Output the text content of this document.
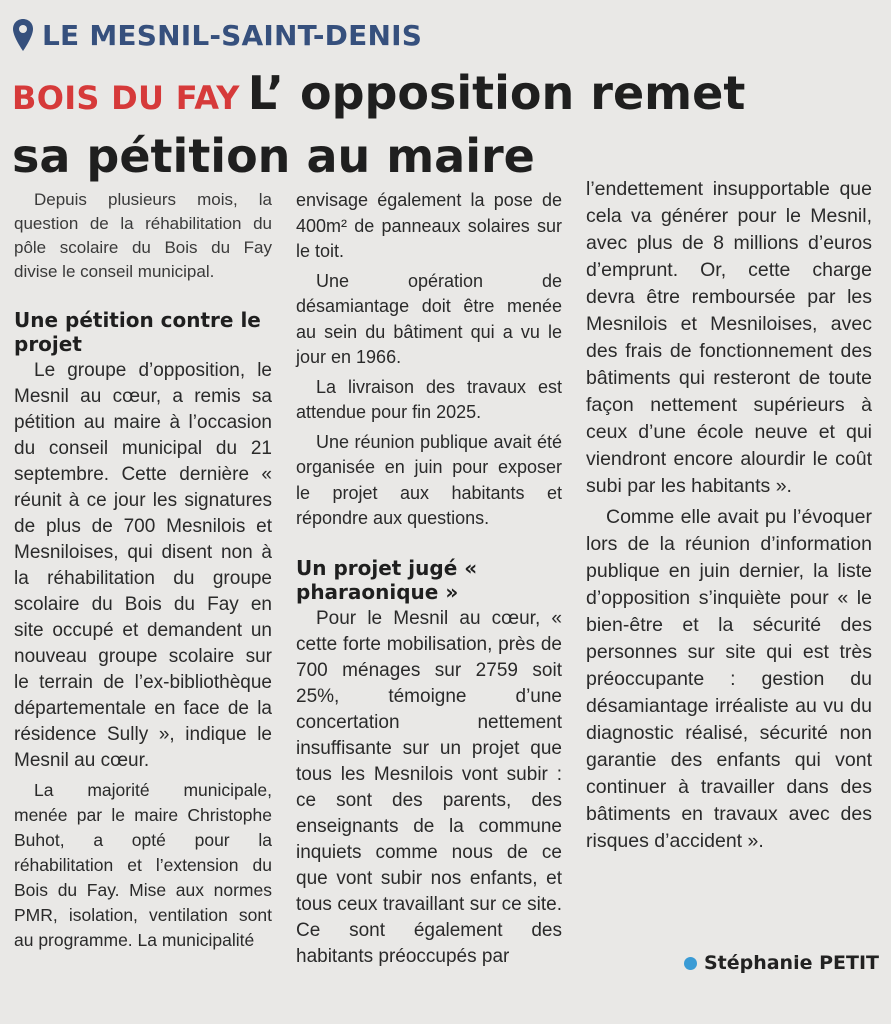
LE MESNIL-SAINT-DENIS
BOIS DU FAY L’ opposition remet
sa pétition au maire

Depuis plusieurs mois, la question de la réhabilitation du pôle scolaire du Bois du Fay divise le conseil municipal.

Une pétition contre le projet

Le groupe d’opposition, le Mesnil au cœur, a remis sa pétition au maire à l’occasion du conseil municipal du 21 septembre. Cette dernière « réunit à ce jour les signatures de plus de 700 Mesnilois et Mesniloises, qui disent non à la réhabilitation du groupe scolaire du Bois du Fay en site occupé et demandent un nouveau groupe scolaire sur le terrain de l’ex-bibliothèque départementale en face de la résidence Sully », indique le Mesnil au cœur.

La majorité municipale, menée par le maire Christophe Buhot, a opté pour la réhabilitation et l’extension du Bois du Fay. Mise aux normes PMR, isolation, ventilation sont au programme. La municipalité

envisage également la pose de 400m² de panneaux solaires sur le toit.

Une opération de désamiantage doit être menée au sein du bâtiment qui a vu le jour en 1966.

La livraison des travaux est attendue pour fin 2025.

Une réunion publique avait été organisée en juin pour exposer le projet aux habitants et répondre aux questions.

Un projet jugé « pharaonique »

Pour le Mesnil au cœur, « cette forte mobilisation, près de 700 ménages sur 2759 soit 25%, témoigne d’une concertation nettement insuffisante sur un projet que tous les Mesnilois vont subir : ce sont des parents, des enseignants de la commune inquiets comme nous de ce que vont subir nos enfants, et tous ceux travaillant sur ce site. Ce sont également des habitants préoccupés par

l’endettement insupportable que cela va générer pour le Mesnil, avec plus de 8 millions d’euros d’emprunt. Or, cette charge devra être remboursée par les Mesnilois et Mesniloises, avec des frais de fonctionnement des bâtiments qui resteront de toute façon nettement supérieurs à ceux d’une école neuve et qui viendront encore alourdir le coût subi par les habitants ».

Comme elle avait pu l’évoquer lors de la réunion d’information publique en juin dernier, la liste d’opposition s’inquiète pour « le bien-être et la sécurité des personnes sur site qui est très préoccupante : gestion du désamiantage irréaliste au vu du diagnostic réalisé, sécurité non garantie des enfants qui vont continuer à travailler dans des bâtiments en travaux avec des risques d’accident ».

Stéphanie PETIT
